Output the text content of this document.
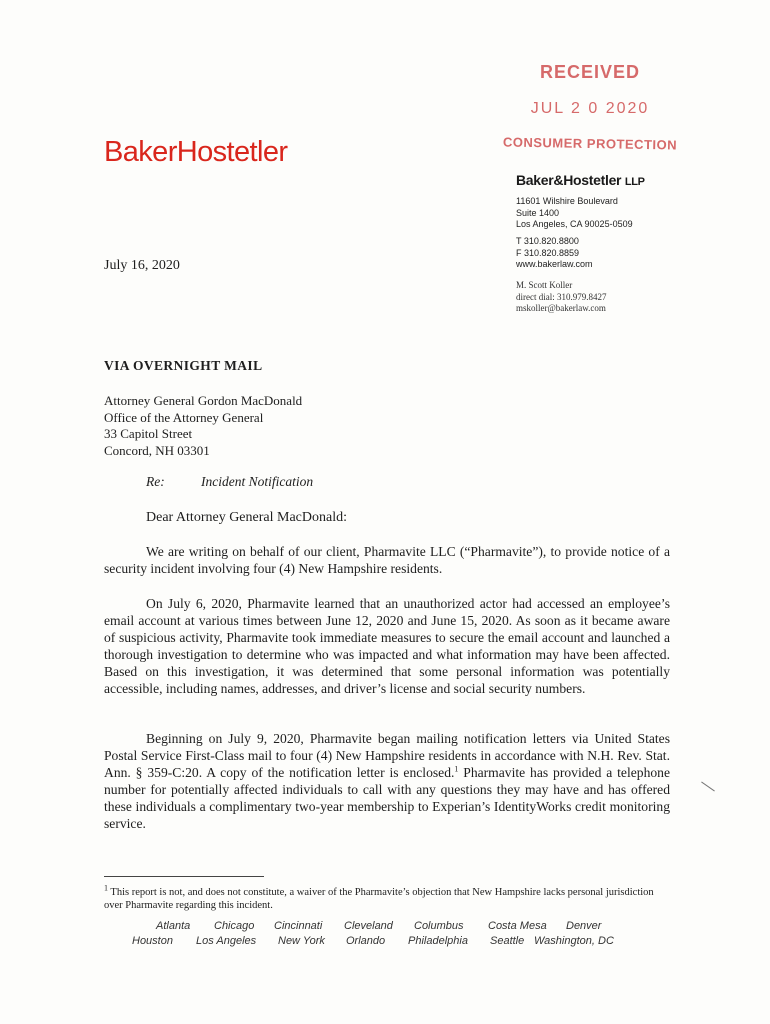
BakerHostetler
RECEIVED
JUL 2 0 2020
CONSUMER PROTECTION
Baker&Hostetler LLP
11601 Wilshire Boulevard
Suite 1400
Los Angeles, CA 90025-0509
T 310.820.8800
F 310.820.8859
www.bakerlaw.com
M. Scott Koller
direct dial: 310.979.8427
mskoller@bakerlaw.com
July 16, 2020
VIA OVERNIGHT MAIL
Attorney General Gordon MacDonald
Office of the Attorney General
33 Capitol Street
Concord, NH 03301
Re:	Incident Notification
Dear Attorney General MacDonald:
We are writing on behalf of our client, Pharmavite LLC (“Pharmavite”), to provide notice of a security incident involving four (4) New Hampshire residents.
On July 6, 2020, Pharmavite learned that an unauthorized actor had accessed an employee’s email account at various times between June 12, 2020 and June 15, 2020. As soon as it became aware of suspicious activity, Pharmavite took immediate measures to secure the email account and launched a thorough investigation to determine who was impacted and what information may have been affected. Based on this investigation, it was determined that some personal information was potentially accessible, including names, addresses, and driver’s license and social security numbers.
Beginning on July 9, 2020, Pharmavite began mailing notification letters via United States Postal Service First-Class mail to four (4) New Hampshire residents in accordance with N.H. Rev. Stat. Ann. § 359-C:20. A copy of the notification letter is enclosed.$^1$ Pharmavite has provided a telephone number for potentially affected individuals to call with any questions they may have and has offered these individuals a complimentary two-year membership to Experian’s IdentityWorks credit monitoring service.
$^1$ This report is not, and does not constitute, a waiver of the Pharmavite’s objection that New Hampshire lacks personal jurisdiction over Pharmavite regarding this incident.
Atlanta Chicago Cincinnati Cleveland Columbus Costa Mesa Denver
Houston Los Angeles New York Orlando Philadelphia Seattle Washington, DC
